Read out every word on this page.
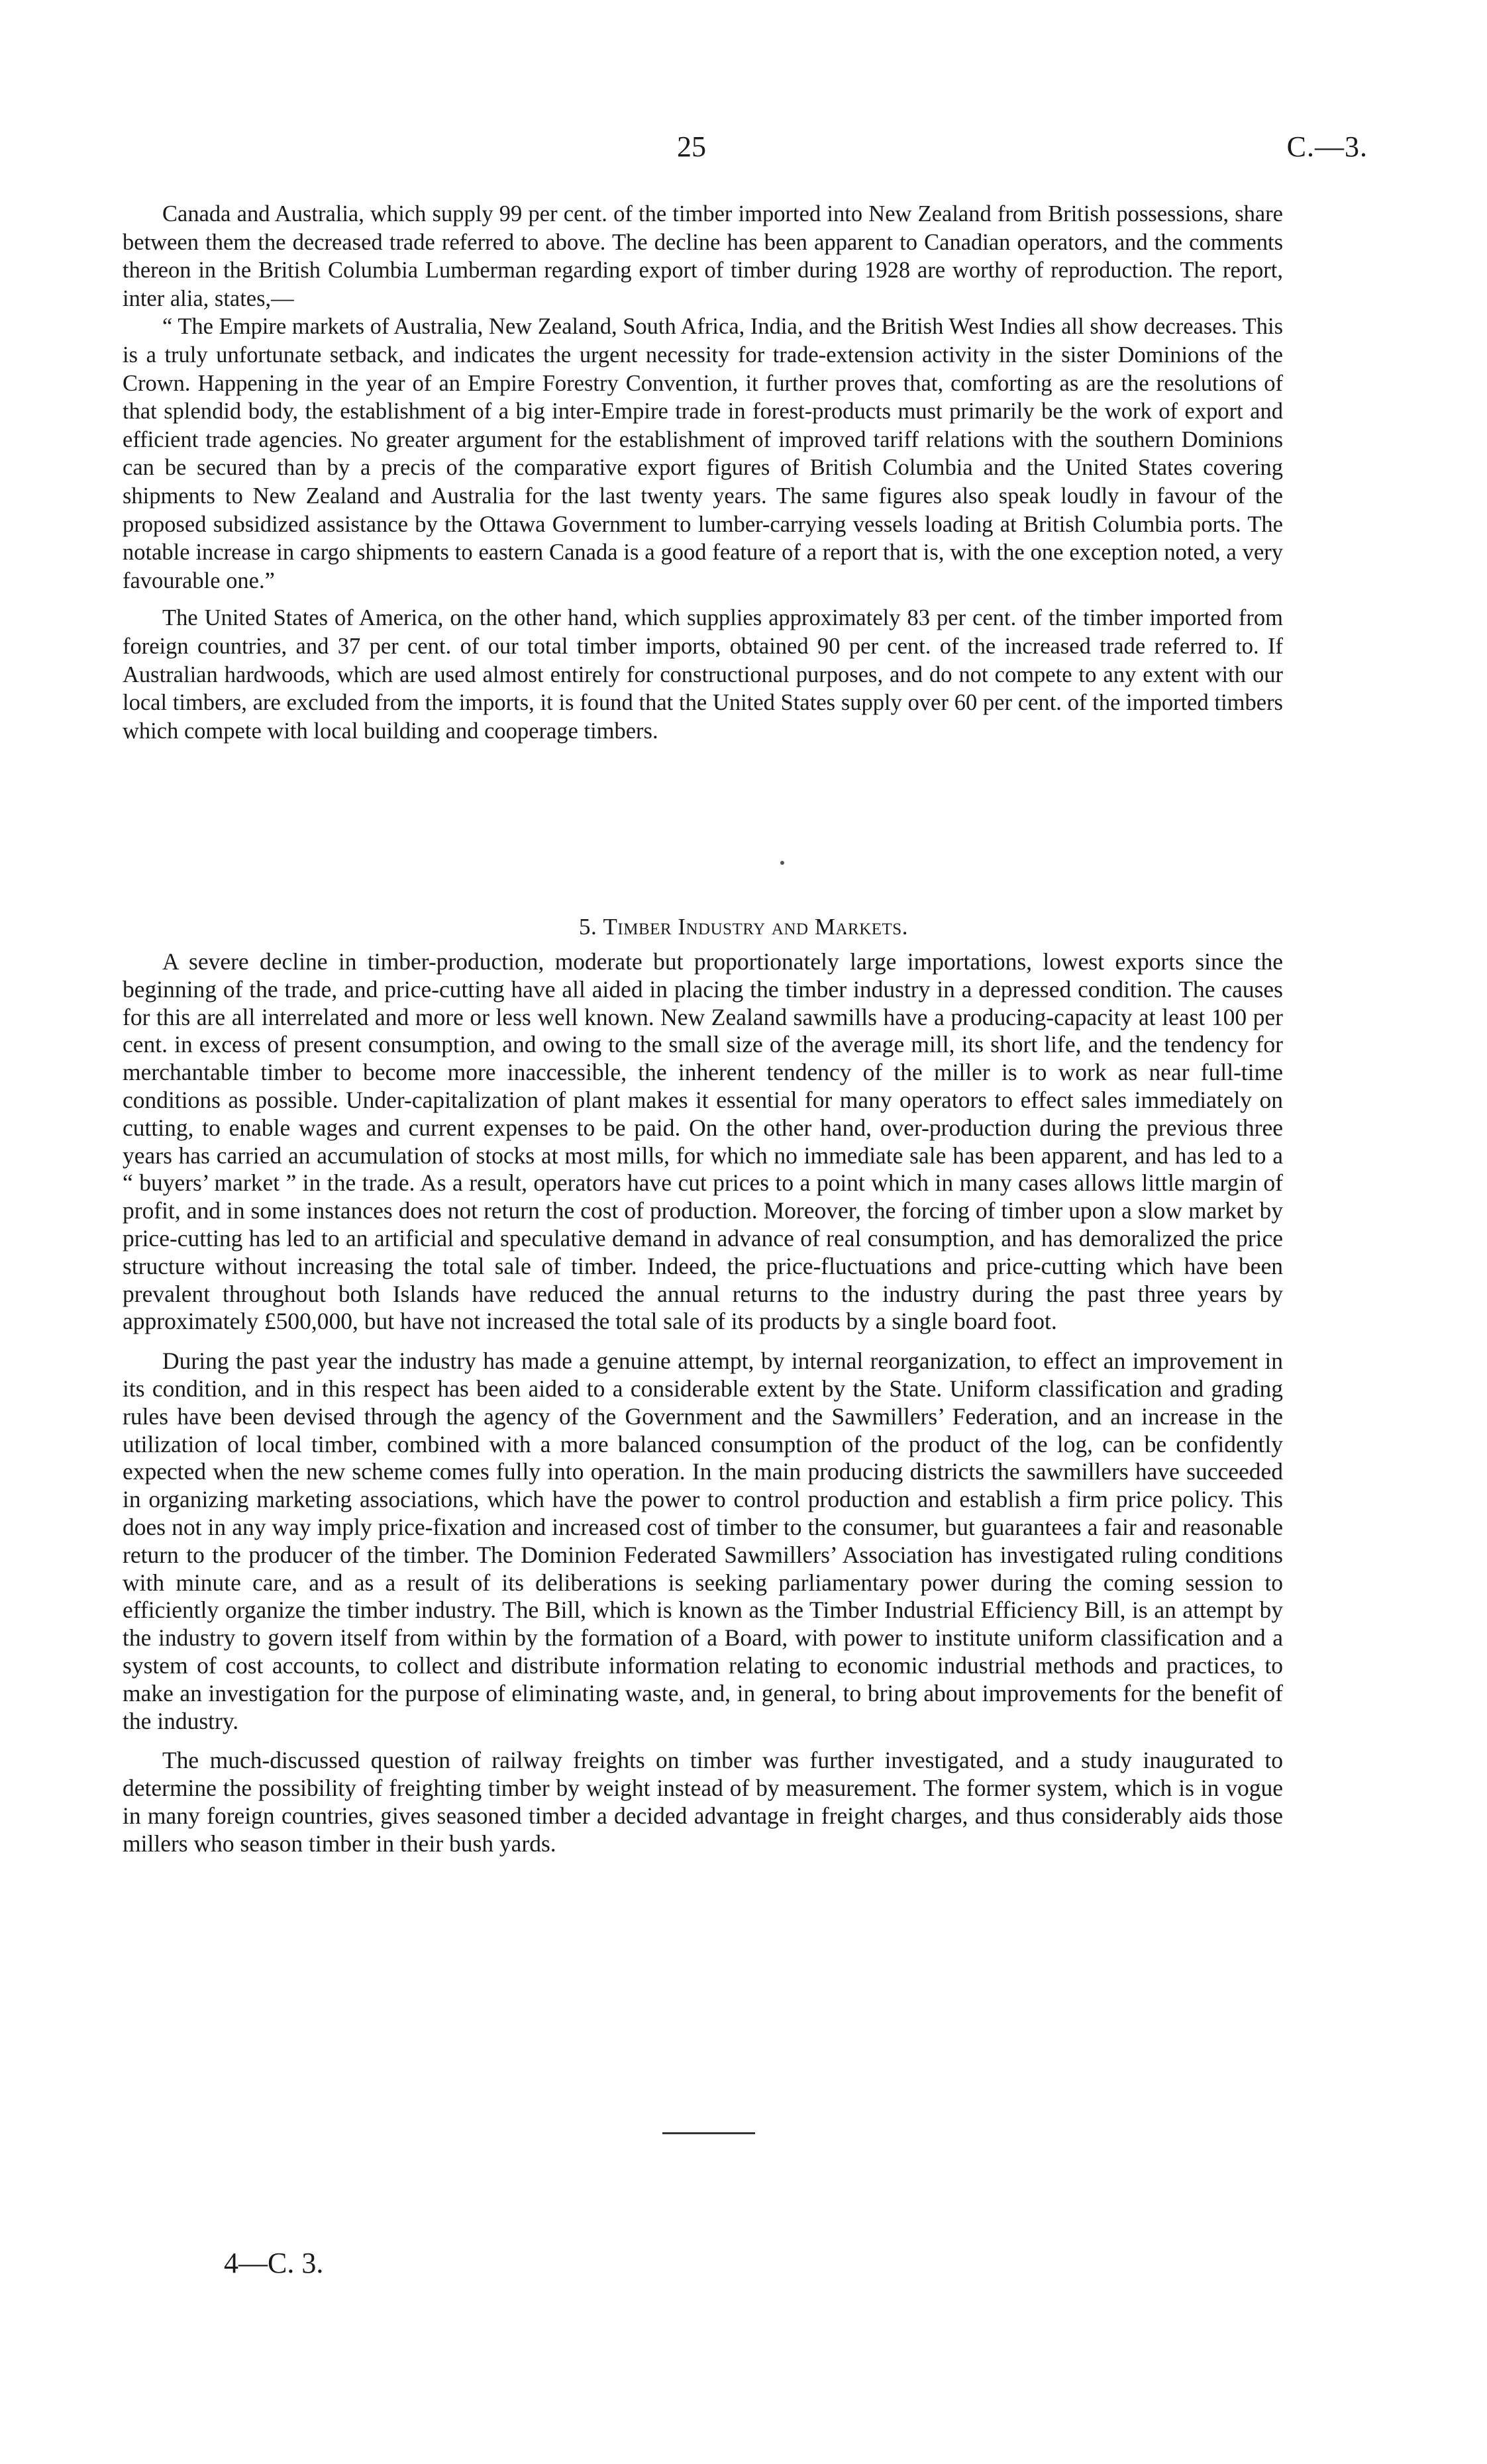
25	C.—3.

Canada and Australia, which supply 99 per cent. of the timber imported into New Zealand from British possessions, share between them the decreased trade referred to above. The decline has been apparent to Canadian operators, and the comments thereon in the British Columbia Lumberman regarding export of timber during 1928 are worthy of reproduction. The report, inter alia, states,—

“ The Empire markets of Australia, New Zealand, South Africa, India, and the British West Indies all show decreases. This is a truly unfortunate setback, and indicates the urgent necessity for trade-extension activity in the sister Dominions of the Crown. Happening in the year of an Empire Forestry Convention, it further proves that, comforting as are the resolutions of that splendid body, the establishment of a big inter-Empire trade in forest-products must primarily be the work of export and efficient trade agencies. No greater argument for the establishment of improved tariff relations with the southern Dominions can be secured than by a precis of the comparative export figures of British Columbia and the United States covering shipments to New Zealand and Australia for the last twenty years. The same figures also speak loudly in favour of the proposed subsidized assistance by the Ottawa Government to lumber-carrying vessels loading at British Columbia ports. The notable increase in cargo shipments to eastern Canada is a good feature of a report that is, with the one exception noted, a very favourable one.”

The United States of America, on the other hand, which supplies approximately 83 per cent. of the timber imported from foreign countries, and 37 per cent. of our total timber imports, obtained 90 per cent. of the increased trade referred to. If Australian hardwoods, which are used almost entirely for constructional purposes, and do not compete to any extent with our local timbers, are excluded from the imports, it is found that the United States supply over 60 per cent. of the imported timbers which compete with local building and cooperage timbers.

5. Timber Industry and Markets.

A severe decline in timber-production, moderate but proportionately large importations, lowest exports since the beginning of the trade, and price-cutting have all aided in placing the timber industry in a depressed condition. The causes for this are all interrelated and more or less well known. New Zealand sawmills have a producing-capacity at least 100 per cent. in excess of present consumption, and owing to the small size of the average mill, its short life, and the tendency for merchantable timber to become more inaccessible, the inherent tendency of the miller is to work as near full-time conditions as possible. Under-capitalization of plant makes it essential for many operators to effect sales immediately on cutting, to enable wages and current expenses to be paid. On the other hand, over-production during the previous three years has carried an accumulation of stocks at most mills, for which no immediate sale has been apparent, and has led to a “ buyers’ market ” in the trade. As a result, operators have cut prices to a point which in many cases allows little margin of profit, and in some instances does not return the cost of production. Moreover, the forcing of timber upon a slow market by price-cutting has led to an artificial and speculative demand in advance of real consumption, and has demoralized the price structure without increasing the total sale of timber. Indeed, the price-fluctuations and price-cutting which have been prevalent throughout both Islands have reduced the annual returns to the industry during the past three years by approximately £500,000, but have not increased the total sale of its products by a single board foot.

During the past year the industry has made a genuine attempt, by internal reorganization, to effect an improvement in its condition, and in this respect has been aided to a considerable extent by the State. Uniform classification and grading rules have been devised through the agency of the Government and the Sawmillers’ Federation, and an increase in the utilization of local timber, combined with a more balanced consumption of the product of the log, can be confidently expected when the new scheme comes fully into operation. In the main producing districts the sawmillers have succeeded in organizing marketing associations, which have the power to control production and establish a firm price policy. This does not in any way imply price-fixation and increased cost of timber to the consumer, but guarantees a fair and reasonable return to the producer of the timber. The Dominion Federated Sawmillers’ Association has investigated ruling conditions with minute care, and as a result of its deliberations is seeking parliamentary power during the coming session to efficiently organize the timber industry. The Bill, which is known as the Timber Industrial Efficiency Bill, is an attempt by the industry to govern itself from within by the formation of a Board, with power to institute uniform classification and a system of cost accounts, to collect and distribute information relating to economic industrial methods and practices, to make an investigation for the purpose of eliminating waste, and, in general, to bring about improvements for the benefit of the industry.

The much-discussed question of railway freights on timber was further investigated, and a study inaugurated to determine the possibility of freighting timber by weight instead of by measurement. The former system, which is in vogue in many foreign countries, gives seasoned timber a decided advantage in freight charges, and thus considerably aids those millers who season timber in their bush yards.

4—C. 3.
